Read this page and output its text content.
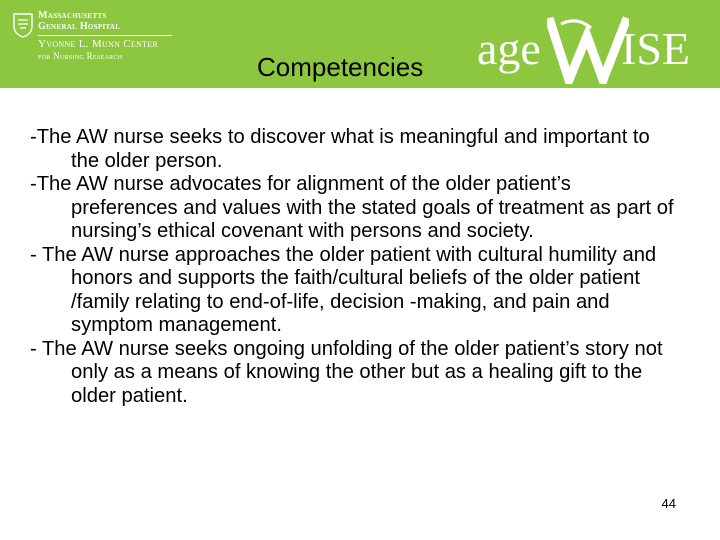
Massachusetts
General Hospital
Yvonne L. Munn Center
for Nursing Research	Competencies age ISE

-The AW nurse seeks to discover what is meaningful and important to the older person.

-The AW nurse advocates for alignment of the older patient’s preferences and values with the stated goals of treatment as part of nursing’s ethical covenant with persons and society.

- The AW nurse approaches the older patient with cultural humility and honors and supports the faith/cultural beliefs of the older patient /family relating to end-of-life, decision -making, and pain and symptom management.

- The AW nurse seeks ongoing unfolding of the older patient’s story not only as a means of knowing the other but as a healing gift to the older patient.

44
